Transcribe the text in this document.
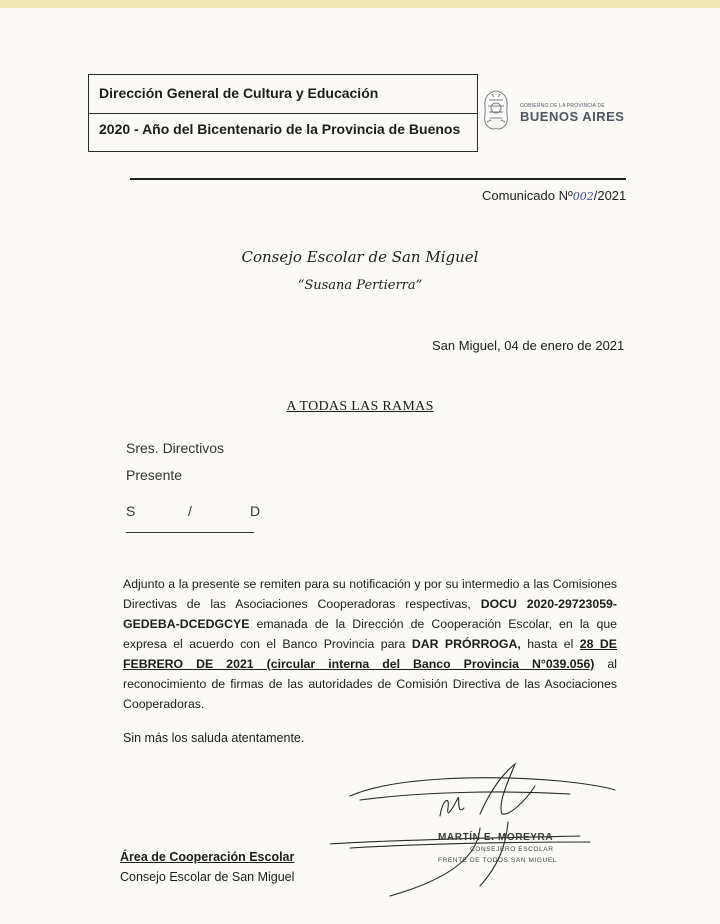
Dirección General de Cultura y Educación
2020 - Año del Bicentenario de la Provincia de Buenos
GOBIERNO DE LA PROVINCIA DE
BUENOS AIRES
Comunicado Nº002/2021
Consejo Escolar de San Miguel
“Susana Pertierra”
San Miguel, 04 de enero de 2021
A TODAS LAS RAMAS
Sres. Directivos
Presente
S	/	D
Adjunto a la presente se remiten para su notificación y por su intermedio a las Comisiones Directivas de las Asociaciones Cooperadoras respectivas, DOCU 2020-29723059-GEDEBA-DCEDGCYE emanada de la Dirección de Cooperación Escolar, en la que expresa el acuerdo con el Banco Provincia para DAR PRÓRROGA, hasta el 28 DE FEBRERO DE 2021 (circular interna del Banco Provincia N°039.056) al reconocimiento de firmas de las autoridades de Comisión Directiva de las Asociaciones Cooperadoras.
Sin más los saluda atentamente.
MARTÍN E. MOREYRA
CONSEJERO ESCOLAR
FRENTE DE TODOS SAN MIGUEL
Área de Cooperación Escolar
Consejo Escolar de San Miguel
